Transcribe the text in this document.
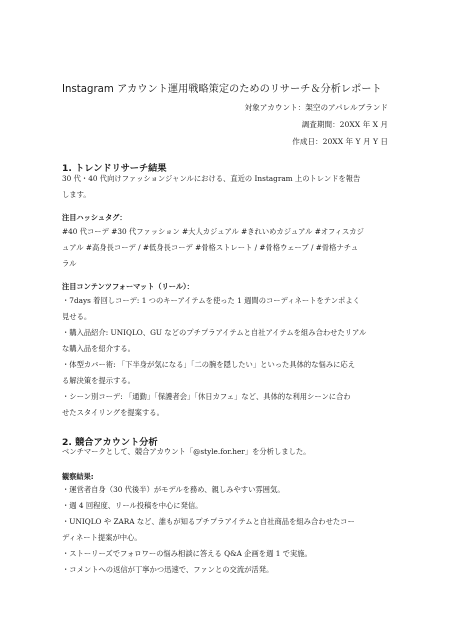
Instagram アカウント運用戦略策定のためのリサーチ＆分析レポート
対象アカウント：架空のアパレルブランド
調査期間：20XX 年 X 月
作成日：20XX 年 Y 月 Y 日
1. トレンドリサーチ結果
30 代・40 代向けファッションジャンルにおける、直近の Instagram 上のトレンドを報告
します。
注目ハッシュタグ：
#40 代コーデ #30 代ファッション #大人カジュアル #きれいめカジュアル #オフィスカジ
ュアル #高身長コーデ / #低身長コーデ #骨格ストレート / #骨格ウェーブ / #骨格ナチュ
ラル
注目コンテンツフォーマット（リール）：
・7days 着回しコーデ: 1 つのキーアイテムを使った 1 週間のコーディネートをテンポよく
見せる。
・購入品紹介: UNIQLO、GU などのプチプラアイテムと自社アイテムを組み合わせたリアル
な購入品を紹介する。
・体型カバー術: 「下半身が気になる」「二の腕を隠したい」といった具体的な悩みに応え
る解決策を提示する。
・シーン別コーデ: 「通勤」「保護者会」「休日カフェ」など、具体的な利用シーンに合わ
せたスタイリングを提案する。
2. 競合アカウント分析
ベンチマークとして、競合アカウント「@style.for.her」を分析しました。
観察結果:
・運営者自身（30 代後半）がモデルを務め、親しみやすい雰囲気。
・週 4 回程度、リール投稿を中心に発信。
・UNIQLO や ZARA など、誰もが知るプチプラアイテムと自社商品を組み合わせたコー
ディネート提案が中心。
・ストーリーズでフォロワーの悩み相談に答える Q&A 企画を週 1 で実施。
・コメントへの返信が丁寧かつ迅速で、ファンとの交流が活発。
